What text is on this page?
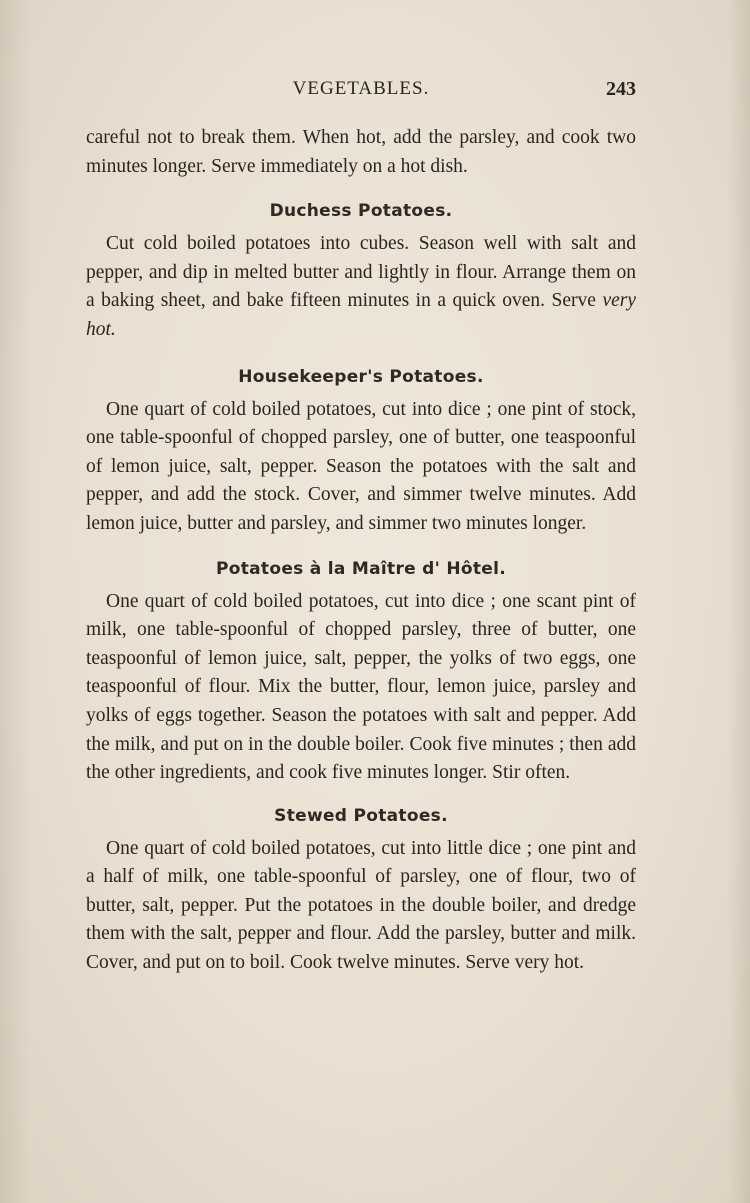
VEGETABLES.	243

careful not to break them. When hot, add the parsley, and cook two minutes longer. Serve immediately on a hot dish.

Duchess Potatoes.

Cut cold boiled potatoes into cubes. Season well with salt and pepper, and dip in melted butter and lightly in flour. Arrange them on a baking sheet, and bake fifteen minutes in a quick oven. Serve very hot.

Housekeeper's Potatoes.

One quart of cold boiled potatoes, cut into dice ; one pint of stock, one table-spoonful of chopped parsley, one of butter, one teaspoonful of lemon juice, salt, pepper. Season the potatoes with the salt and pepper, and add the stock. Cover, and simmer twelve minutes. Add lemon juice, butter and parsley, and simmer two minutes longer.

Potatoes à la Maître d' Hôtel.

One quart of cold boiled potatoes, cut into dice ; one scant pint of milk, one table-spoonful of chopped parsley, three of butter, one teaspoonful of lemon juice, salt, pepper, the yolks of two eggs, one teaspoonful of flour. Mix the butter, flour, lemon juice, parsley and yolks of eggs together. Season the potatoes with salt and pepper. Add the milk, and put on in the double boiler. Cook five minutes ; then add the other ingredients, and cook five minutes longer. Stir often.

Stewed Potatoes.

One quart of cold boiled potatoes, cut into little dice ; one pint and a half of milk, one table-spoonful of parsley, one of flour, two of butter, salt, pepper. Put the potatoes in the double boiler, and dredge them with the salt, pepper and flour. Add the parsley, butter and milk. Cover, and put on to boil. Cook twelve minutes. Serve very hot.
